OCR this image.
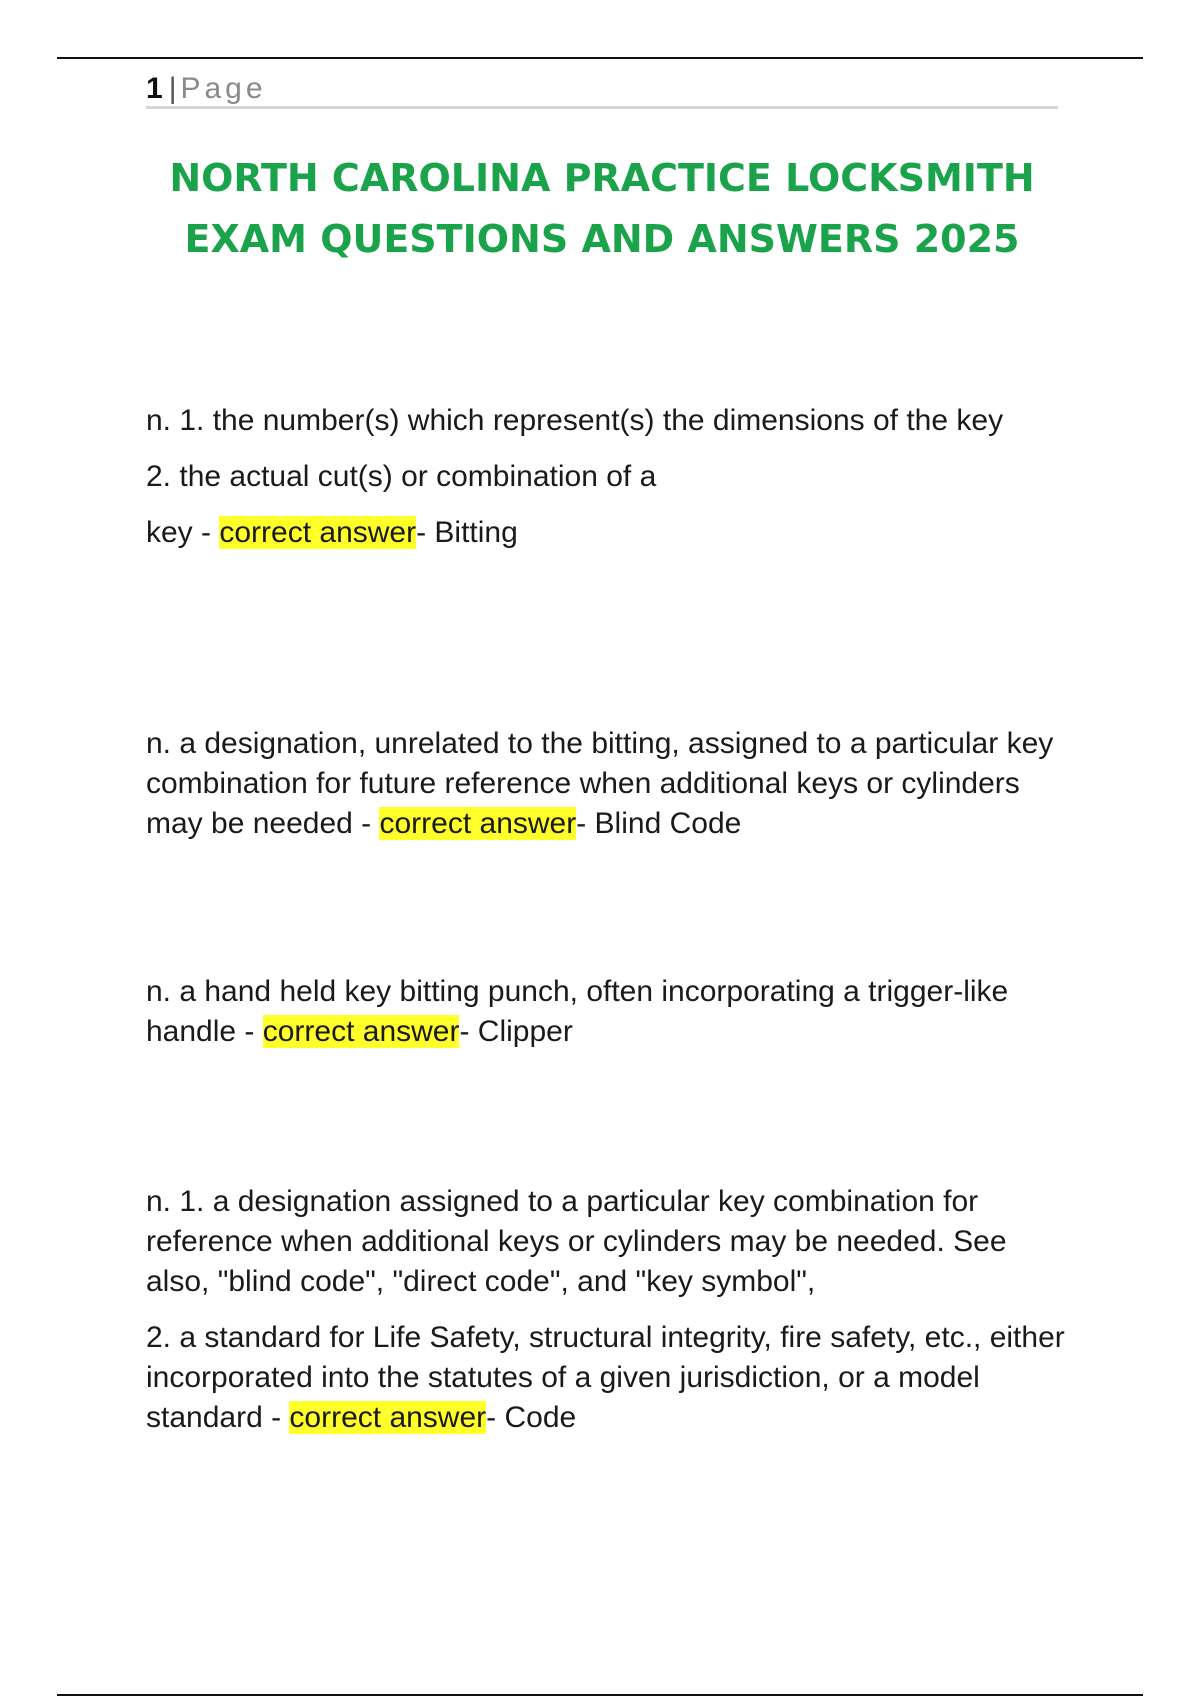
1 | Page
NORTH CAROLINA PRACTICE LOCKSMITH EXAM QUESTIONS AND ANSWERS 2025

n. 1. the number(s) which represent(s) the dimensions of the key

2. the actual cut(s) or combination of a

key - correct answer- Bitting

n. a designation, unrelated to the bitting, assigned to a particular key combination for future reference when additional keys or cylinders may be needed - correct answer- Blind Code

n. a hand held key bitting punch, often incorporating a trigger-like handle - correct answer- Clipper

n. 1. a designation assigned to a particular key combination for reference when additional keys or cylinders may be needed. See also, "blind code", "direct code", and "key symbol",

2. a standard for Life Safety, structural integrity, fire safety, etc., either incorporated into the statutes of a given jurisdiction, or a model standard - correct answer- Code
